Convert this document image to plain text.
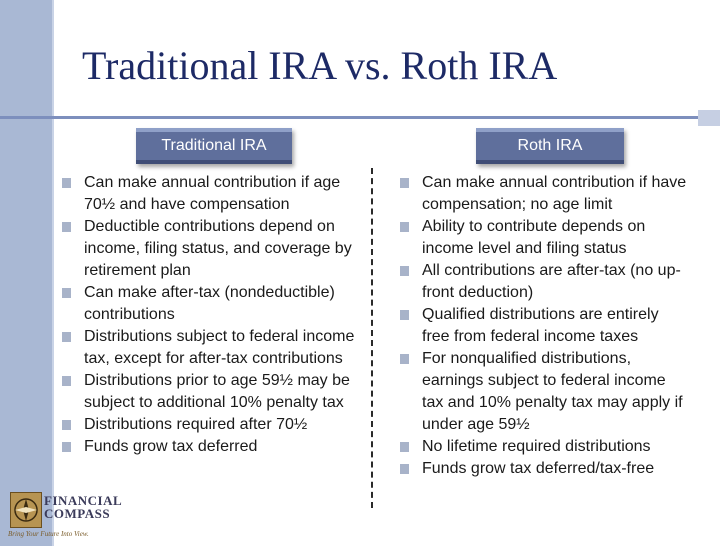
Traditional IRA vs. Roth IRA
Traditional IRA	Roth IRA
Can make annual contribution if age 70½ and have compensation
Deductible contributions depend on income, filing status, and coverage by retirement plan
Can make after-tax (nondeductible) contributions
Distributions subject to federal income tax, except for after-tax contributions
Distributions prior to age 59½ may be subject to additional 10% penalty tax
Distributions required after 70½
Funds grow tax deferred
Can make annual contribution if have compensation; no age limit
Ability to contribute depends on income level and filing status
All contributions are after-tax (no up-front deduction)
Qualified distributions are entirely free from federal income taxes
For nonqualified distributions, earnings subject to federal income tax and 10% penalty tax may apply if under age 59½
No lifetime required distributions
Funds grow tax deferred/tax-free
FINANCIAL
COMPASS
Bring Your Future Into View.
